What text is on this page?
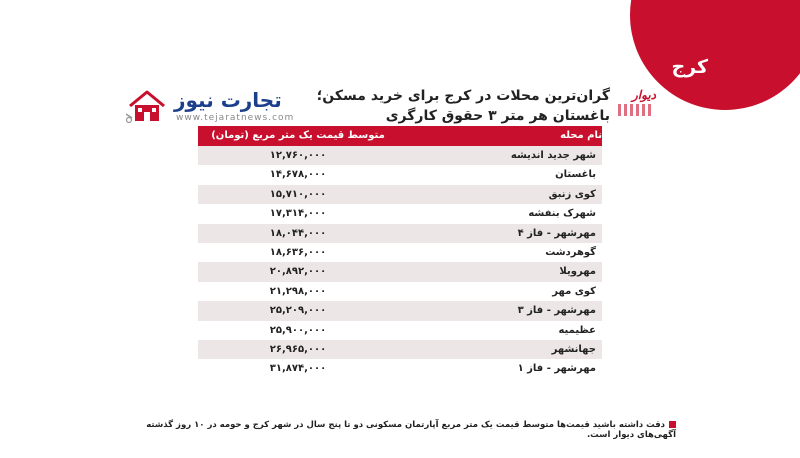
کرج
دیوار
گران‌ترین محلات در کرج برای خرید مسکن؛
باغستان هر متر ۳ حقوق کارگری
تجارت نیوز
www.tejaratnews.com
متوسط قیمت یک متر مربع (تومان)	نام محله
۱۲,۷۶۰,۰۰۰	شهر جدید اندیشه
۱۴,۶۷۸,۰۰۰	باغستان
۱۵,۷۱۰,۰۰۰	کوی زنبق
۱۷,۳۱۴,۰۰۰	شهرک بنفشه
۱۸,۰۴۴,۰۰۰	مهرشهر - فاز ۴
۱۸,۶۳۶,۰۰۰	گوهردشت
۲۰,۸۹۲,۰۰۰	مهرویلا
۲۱,۲۹۸,۰۰۰	کوی مهر
۲۵,۲۰۹,۰۰۰	مهرشهر - فاز ۳
۲۵,۹۰۰,۰۰۰	عظیمیه
۲۶,۹۶۵,۰۰۰	جهانشهر
۳۱,۸۷۴,۰۰۰	مهرشهر - فاز ۱
دقت داشته باشید قیمت‌ها متوسط قیمت یک متر مربع آپارتمان مسکونی دو تا پنج سال در شهر کرج و حومه در ۱۰ روز گذشته آگهی‌های دیوار است.
